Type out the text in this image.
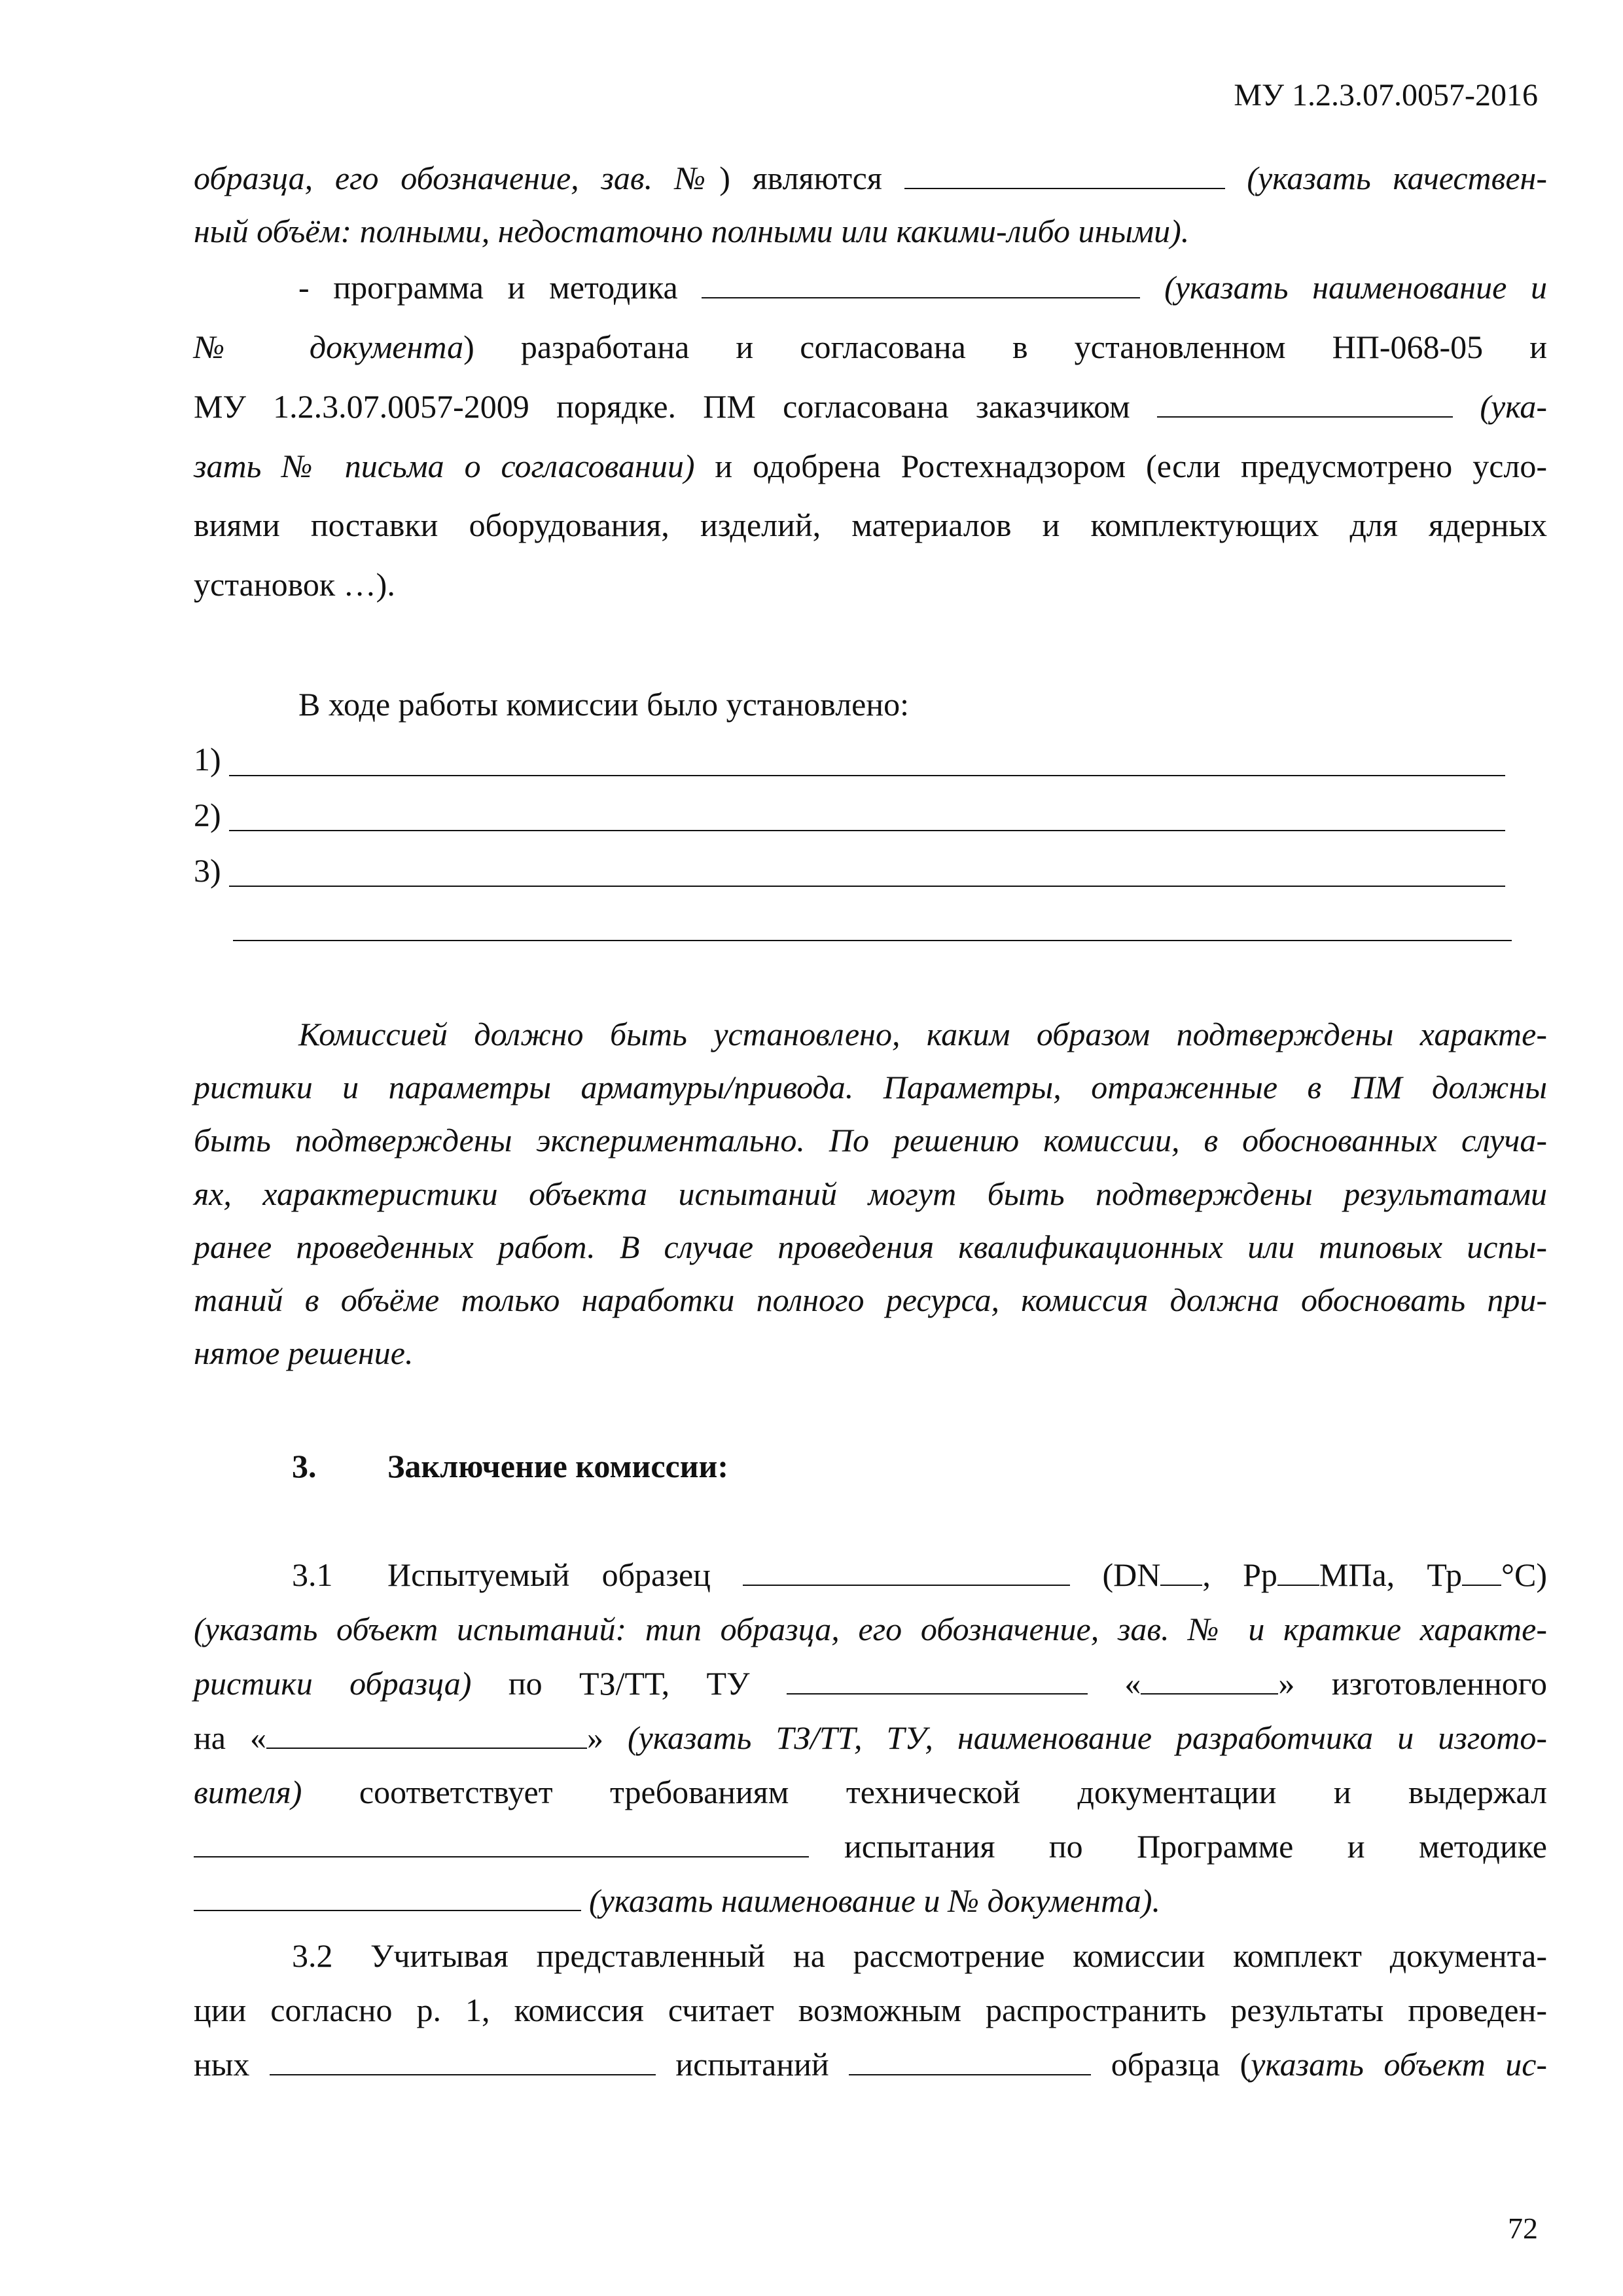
МУ 1.2.3.07.0057-2016
образца, его обозначение, зав. №) являются	(указать качествен-
ный объём: полными, недостаточно полными или какими-либо иными).
- программа и методика	(указать наименование и
№ документа) разработана и согласована в установленном НП-068-05 и
МУ 1.2.3.07.0057-2009 порядке. ПМ согласована заказчиком	(ука-
зать № письма о согласовании) и одобрена Ростехнадзором (если предусмотрено усло-
виями поставки оборудования, изделий, материалов и комплектующих для ядерных
установок …).
В ходе работы комиссии было установлено:
1)
2)
3)
Комиссией должно быть установлено, каким образом подтверждены характе-
ристики и параметры арматуры/привода. Параметры, отраженные в ПМ должны
быть подтверждены экспериментально. По решению комиссии, в обоснованных случа-
ях, характеристики объекта испытаний могут быть подтверждены результатами
ранее проведенных работ. В случае проведения квалификационных или типовых испы-
таний в объёме только наработки полного ресурса, комиссия должна обосновать при-
нятое решение.
3.	Заключение комиссии:
3.1	Испытуемый образец	(DN , Рр МПа, Тр °С)
(указать объект испытаний: тип образца, его обозначение, зав. № и краткие характе-
ристики образца) по ТЗ/ТТ, ТУ	«	» изготовленного
на «	» (указать ТЗ/ТТ, ТУ, наименование разработчика и изгото-
вителя) соответствует требованиям технической документации и выдержал
испытания по Программе и методике
(указать наименование и № документа).
3.2	Учитывая представленный на рассмотрение комиссии комплект документа-
ции согласно р. 1, комиссия считает возможным распространить результаты проведен-
ных	испытаний	образца (указать объект ис-
72
